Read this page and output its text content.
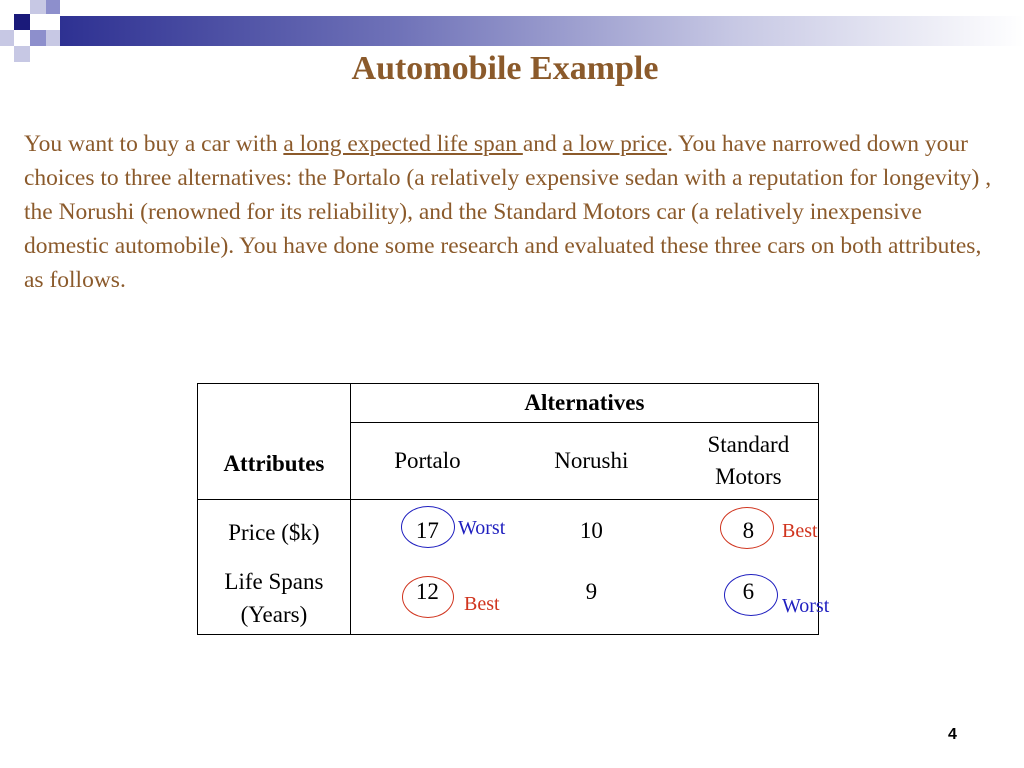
Automobile Example
You want to buy a car with a long expected life span and a low price. You have narrowed down your choices to three alternatives: the Portalo (a relatively expensive sedan with a reputation for longevity) , the Norushi (renowned for its reliability), and the Standard Motors car (a relatively inexpensive domestic automobile). You have done some research and evaluated these three cars on both attributes, as follows.
Attributes	Alternatives		
	Portalo	Norushi	Standard Motors
Price ($k)	17	10	8
Life Spans (Years)	12	9	6
Worst	Best
Best	Worst
4
